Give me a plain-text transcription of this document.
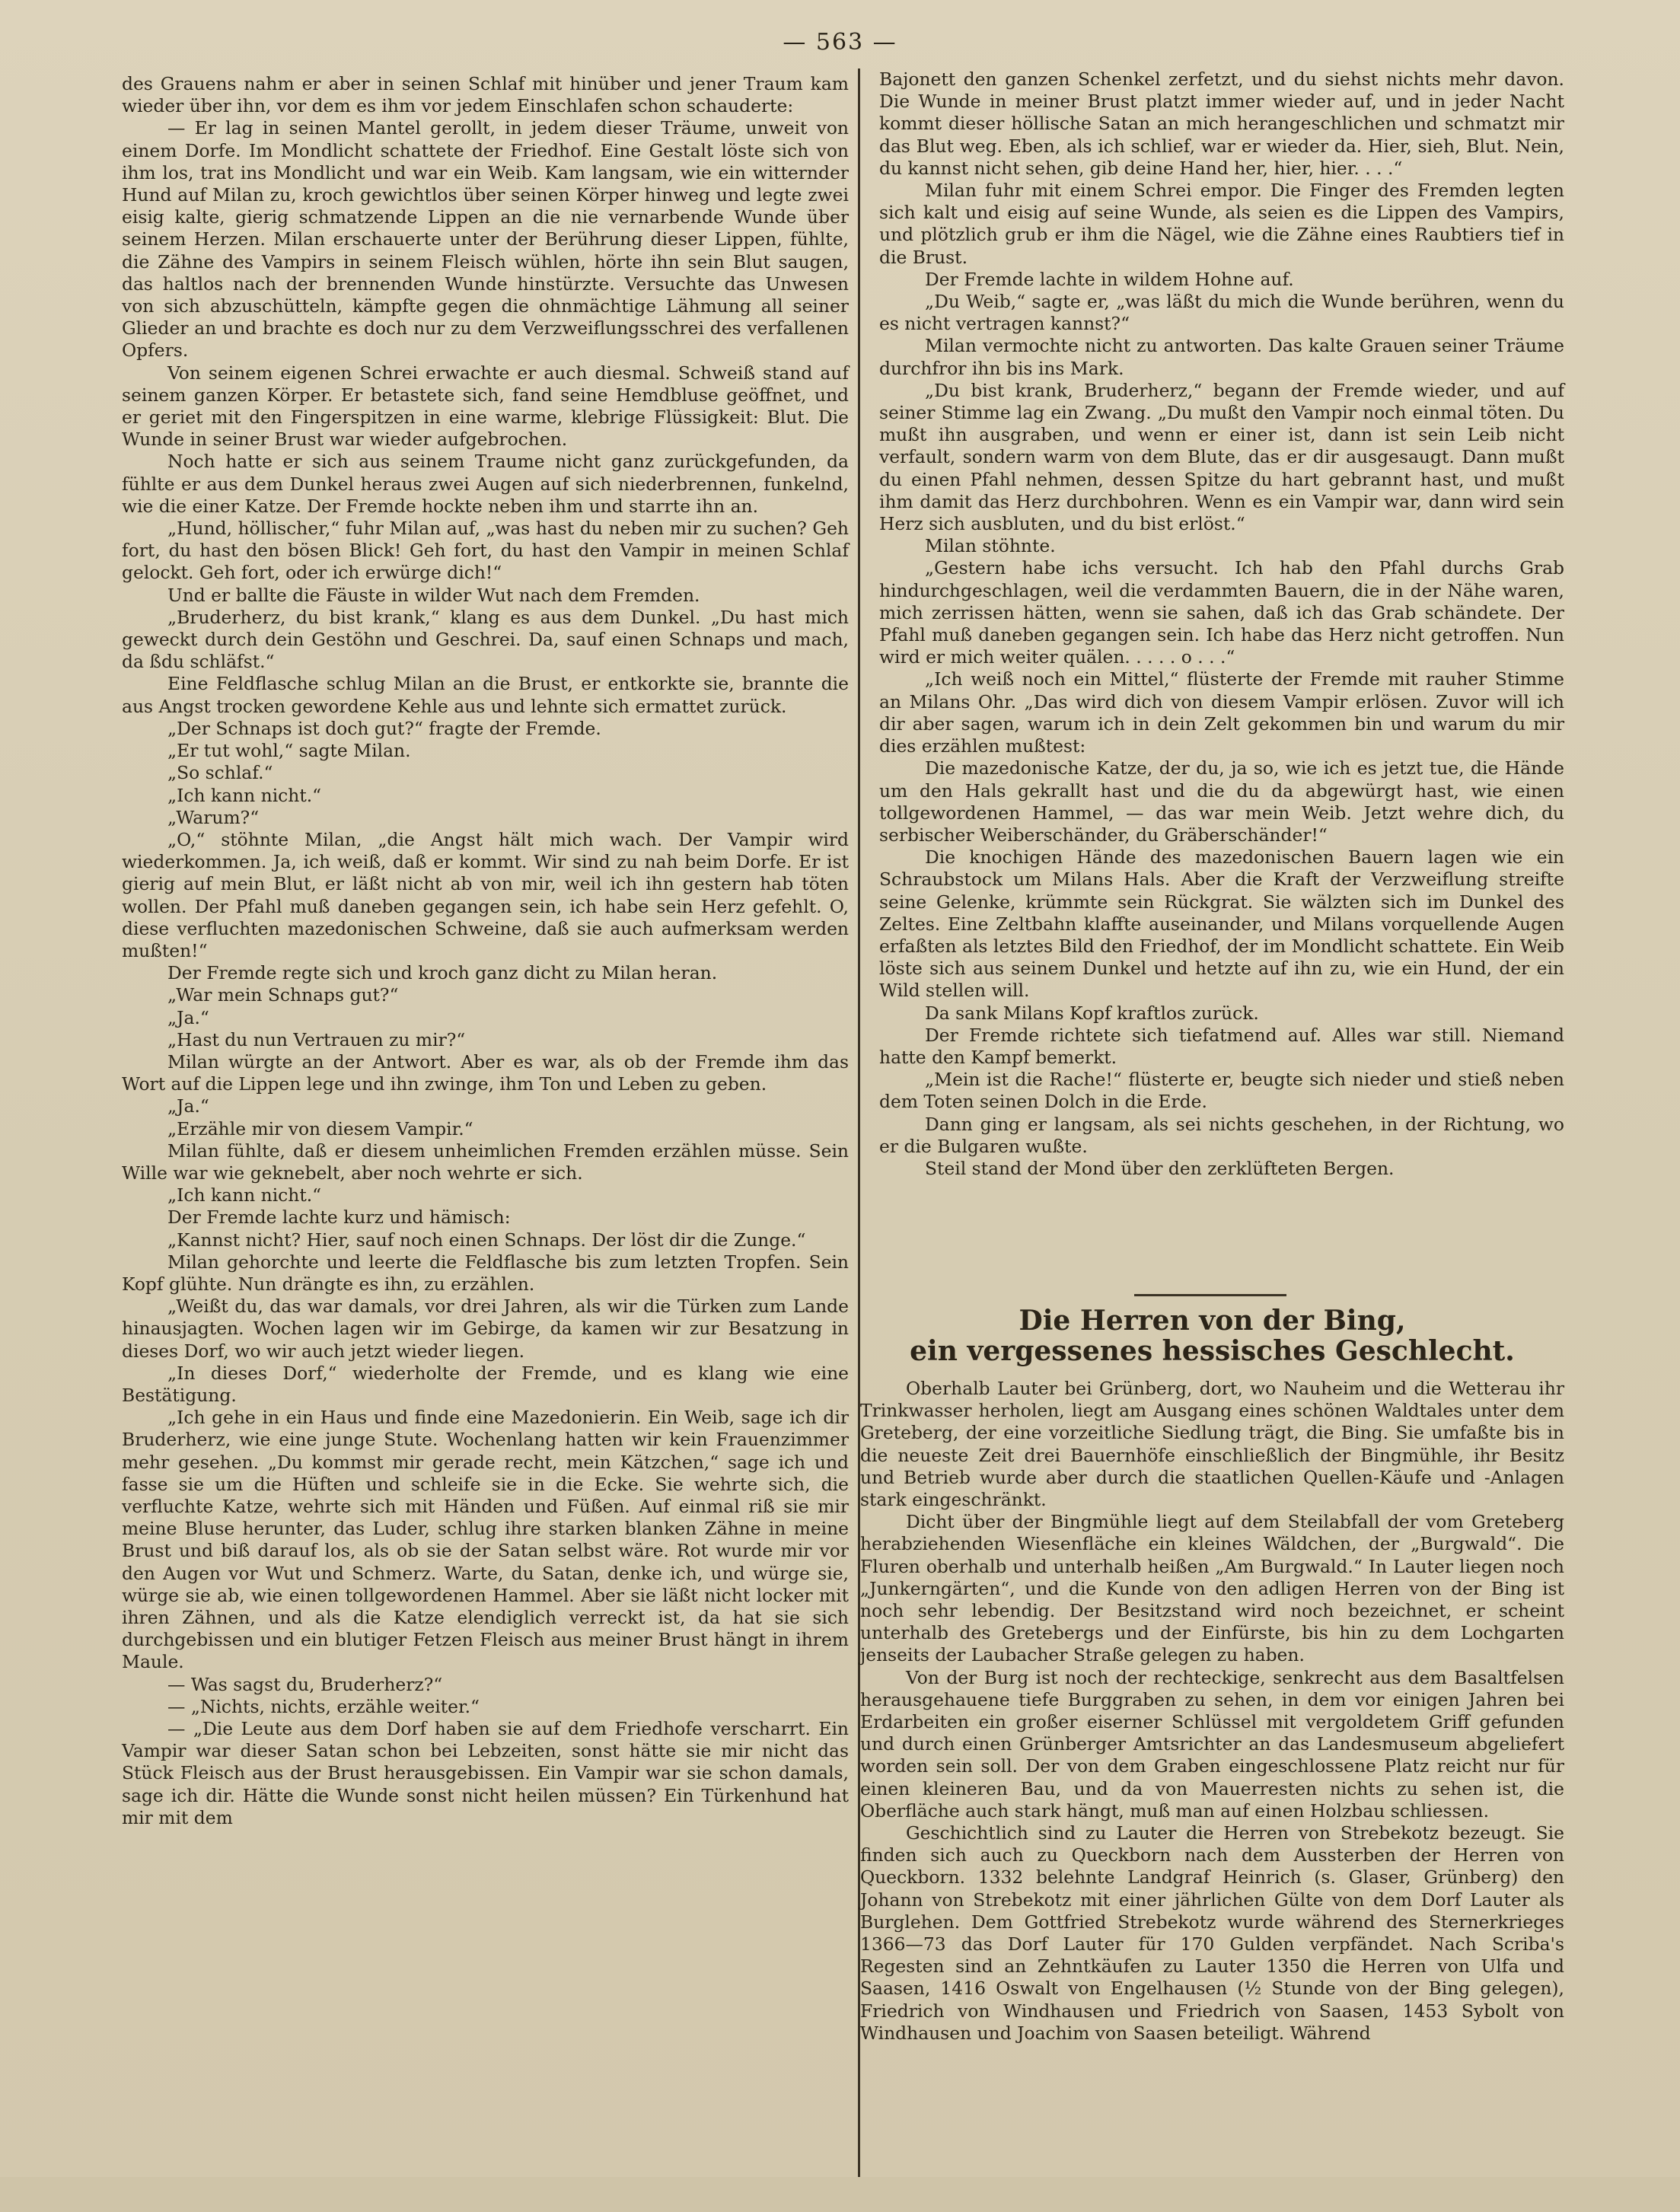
— 563 —

des Grauens nahm er aber in seinen Schlaf mit hinüber und jener Traum kam wieder über ihn, vor dem es ihm vor jedem Einschlafen schon schauderte:

— Er lag in seinen Mantel gerollt, in jedem dieser Träume, unweit von einem Dorfe. Im Mondlicht schattete der Friedhof. Eine Gestalt löste sich von ihm los, trat ins Mondlicht und war ein Weib. Kam langsam, wie ein witternder Hund auf Milan zu, kroch gewichtlos über seinen Körper hinweg und legte zwei eisig kalte, gierig schmatzende Lippen an die nie vernarbende Wunde über seinem Herzen. Milan erschauerte unter der Berührung dieser Lippen, fühlte, die Zähne des Vampirs in seinem Fleisch wühlen, hörte ihn sein Blut saugen, das haltlos nach der brennenden Wunde hinstürzte. Versuchte das Unwesen von sich abzuschütteln, kämpfte gegen die ohnmächtige Lähmung all seiner Glieder an und brachte es doch nur zu dem Verzweiflungsschrei des verfallenen Opfers.

Von seinem eigenen Schrei erwachte er auch diesmal. Schweiß stand auf seinem ganzen Körper. Er betastete sich, fand seine Hemdbluse geöffnet, und er geriet mit den Fingerspitzen in eine warme, klebrige Flüssigkeit: Blut. Die Wunde in seiner Brust war wieder aufgebrochen.

Noch hatte er sich aus seinem Traume nicht ganz zurückgefunden, da fühlte er aus dem Dunkel heraus zwei Augen auf sich niederbrennen, funkelnd, wie die einer Katze. Der Fremde hockte neben ihm und starrte ihn an.

„Hund, höllischer,“ fuhr Milan auf, „was hast du neben mir zu suchen? Geh fort, du hast den bösen Blick! Geh fort, du hast den Vampir in meinen Schlaf gelockt. Geh fort, oder ich erwürge dich!“

Und er ballte die Fäuste in wilder Wut nach dem Fremden.

„Bruderherz, du bist krank,“ klang es aus dem Dunkel. „Du hast mich geweckt durch dein Gestöhn und Geschrei. Da, sauf einen Schnaps und mach, da ßdu schläfst.“

Eine Feldflasche schlug Milan an die Brust, er entkorkte sie, brannte die aus Angst trocken gewordene Kehle aus und lehnte sich ermattet zurück.

„Der Schnaps ist doch gut?“ fragte der Fremde.

„Er tut wohl,“ sagte Milan.

„So schlaf.“

„Ich kann nicht.“

„Warum?“

„O,“ stöhnte Milan, „die Angst hält mich wach. Der Vampir wird wiederkommen. Ja, ich weiß, daß er kommt. Wir sind zu nah beim Dorfe. Er ist gierig auf mein Blut, er läßt nicht ab von mir, weil ich ihn gestern hab töten wollen. Der Pfahl muß daneben gegangen sein, ich habe sein Herz gefehlt. O, diese verfluchten mazedonischen Schweine, daß sie auch aufmerksam werden mußten!“

Der Fremde regte sich und kroch ganz dicht zu Milan heran.

„War mein Schnaps gut?“

„Ja.“

„Hast du nun Vertrauen zu mir?“

Milan würgte an der Antwort. Aber es war, als ob der Fremde ihm das Wort auf die Lippen lege und ihn zwinge, ihm Ton und Leben zu geben.

„Ja.“

„Erzähle mir von diesem Vampir.“

Milan fühlte, daß er diesem unheimlichen Fremden erzählen müsse. Sein Wille war wie geknebelt, aber noch wehrte er sich.

„Ich kann nicht.“

Der Fremde lachte kurz und hämisch:

„Kannst nicht? Hier, sauf noch einen Schnaps. Der löst dir die Zunge.“

Milan gehorchte und leerte die Feldflasche bis zum letzten Tropfen. Sein Kopf glühte. Nun drängte es ihn, zu erzählen.

„Weißt du, das war damals, vor drei Jahren, als wir die Türken zum Lande hinausjagten. Wochen lagen wir im Gebirge, da kamen wir zur Besatzung in dieses Dorf, wo wir auch jetzt wieder liegen.

„In dieses Dorf,“ wiederholte der Fremde, und es klang wie eine Bestätigung.

„Ich gehe in ein Haus und finde eine Mazedonierin. Ein Weib, sage ich dir Bruderherz, wie eine junge Stute. Wochenlang hatten wir kein Frauenzimmer mehr gesehen. „Du kommst mir gerade recht, mein Kätzchen,“ sage ich und fasse sie um die Hüften und schleife sie in die Ecke. Sie wehrte sich, die verfluchte Katze, wehrte sich mit Händen und Füßen. Auf einmal riß sie mir meine Bluse herunter, das Luder, schlug ihre starken blanken Zähne in meine Brust und biß darauf los, als ob sie der Satan selbst wäre. Rot wurde mir vor den Augen vor Wut und Schmerz. Warte, du Satan, denke ich, und würge sie, würge sie ab, wie einen tollgewordenen Hammel. Aber sie läßt nicht locker mit ihren Zähnen, und als die Katze elendiglich verreckt ist, da hat sie sich durchgebissen und ein blutiger Fetzen Fleisch aus meiner Brust hängt in ihrem Maule.

— Was sagst du, Bruderherz?“

— „Nichts, nichts, erzähle weiter.“

— „Die Leute aus dem Dorf haben sie auf dem Friedhofe verscharrt. Ein Vampir war dieser Satan schon bei Lebzeiten, sonst hätte sie mir nicht das Stück Fleisch aus der Brust herausgebissen. Ein Vampir war sie schon damals, sage ich dir. Hätte die Wunde sonst nicht heilen müssen? Ein Türkenhund hat mir mit dem

Bajonett den ganzen Schenkel zerfetzt, und du siehst nichts mehr davon. Die Wunde in meiner Brust platzt immer wieder auf, und in jeder Nacht kommt dieser höllische Satan an mich herangeschlichen und schmatzt mir das Blut weg. Eben, als ich schlief, war er wieder da. Hier, sieh, Blut. Nein, du kannst nicht sehen, gib deine Hand her, hier, hier. . . .“

Milan fuhr mit einem Schrei empor. Die Finger des Fremden legten sich kalt und eisig auf seine Wunde, als seien es die Lippen des Vampirs, und plötzlich grub er ihm die Nägel, wie die Zähne eines Raubtiers tief in die Brust.

Der Fremde lachte in wildem Hohne auf.

„Du Weib,“ sagte er, „was läßt du mich die Wunde berühren, wenn du es nicht vertragen kannst?“

Milan vermochte nicht zu antworten. Das kalte Grauen seiner Träume durchfror ihn bis ins Mark.

„Du bist krank, Bruderherz,“ begann der Fremde wieder, und auf seiner Stimme lag ein Zwang. „Du mußt den Vampir noch einmal töten. Du mußt ihn ausgraben, und wenn er einer ist, dann ist sein Leib nicht verfault, sondern warm von dem Blute, das er dir ausgesaugt. Dann mußt du einen Pfahl nehmen, dessen Spitze du hart gebrannt hast, und mußt ihm damit das Herz durchbohren. Wenn es ein Vampir war, dann wird sein Herz sich ausbluten, und du bist erlöst.“

Milan stöhnte.

„Gestern habe ichs versucht. Ich hab den Pfahl durchs Grab hindurchgeschlagen, weil die verdammten Bauern, die in der Nähe waren, mich zerrissen hätten, wenn sie sahen, daß ich das Grab schändete. Der Pfahl muß daneben gegangen sein. Ich habe das Herz nicht getroffen. Nun wird er mich weiter quälen. . . . . o . . .“

„Ich weiß noch ein Mittel,“ flüsterte der Fremde mit rauher Stimme an Milans Ohr. „Das wird dich von diesem Vampir erlösen. Zuvor will ich dir aber sagen, warum ich in dein Zelt gekommen bin und warum du mir dies erzählen mußtest:

Die mazedonische Katze, der du, ja so, wie ich es jetzt tue, die Hände um den Hals gekrallt hast und die du da abgewürgt hast, wie einen tollgewordenen Hammel, — das war mein Weib. Jetzt wehre dich, du serbischer Weiberschänder, du Gräberschänder!“

Die knochigen Hände des mazedonischen Bauern lagen wie ein Schraubstock um Milans Hals. Aber die Kraft der Verzweiflung streifte seine Gelenke, krümmte sein Rückgrat. Sie wälzten sich im Dunkel des Zeltes. Eine Zeltbahn klaffte auseinander, und Milans vorquellende Augen erfaßten als letztes Bild den Friedhof, der im Mondlicht schattete. Ein Weib löste sich aus seinem Dunkel und hetzte auf ihn zu, wie ein Hund, der ein Wild stellen will.

Da sank Milans Kopf kraftlos zurück.

Der Fremde richtete sich tiefatmend auf. Alles war still. Niemand hatte den Kampf bemerkt.

„Mein ist die Rache!“ flüsterte er, beugte sich nieder und stieß neben dem Toten seinen Dolch in die Erde.

Dann ging er langsam, als sei nichts geschehen, in der Richtung, wo er die Bulgaren wußte.

Steil stand der Mond über den zerklüfteten Bergen.

Die Herren von der Bing,
ein vergessenes hessisches Geschlecht.

Oberhalb Lauter bei Grünberg, dort, wo Nauheim und die Wetterau ihr Trinkwasser herholen, liegt am Ausgang eines schönen Waldtales unter dem Greteberg, der eine vorzeitliche Siedlung trägt, die Bing. Sie umfaßte bis in die neueste Zeit drei Bauernhöfe einschließlich der Bingmühle, ihr Besitz und Betrieb wurde aber durch die staatlichen Quellen-Käufe und -Anlagen stark eingeschränkt.

Dicht über der Bingmühle liegt auf dem Steilabfall der vom Greteberg herabziehenden Wiesenfläche ein kleines Wäldchen, der „Burgwald“. Die Fluren oberhalb und unterhalb heißen „Am Burgwald.“ In Lauter liegen noch „Junkerngärten“, und die Kunde von den adligen Herren von der Bing ist noch sehr lebendig. Der Besitzstand wird noch bezeichnet, er scheint unterhalb des Gretebergs und der Einfürste, bis hin zu dem Lochgarten jenseits der Laubacher Straße gelegen zu haben.

Von der Burg ist noch der rechteckige, senkrecht aus dem Basaltfelsen herausgehauene tiefe Burggraben zu sehen, in dem vor einigen Jahren bei Erdarbeiten ein großer eiserner Schlüssel mit vergoldetem Griff gefunden und durch einen Grünberger Amtsrichter an das Landesmuseum abgeliefert worden sein soll. Der von dem Graben eingeschlossene Platz reicht nur für einen kleineren Bau, und da von Mauerresten nichts zu sehen ist, die Oberfläche auch stark hängt, muß man auf einen Holzbau schliessen.

Geschichtlich sind zu Lauter die Herren von Strebekotz bezeugt. Sie finden sich auch zu Queckborn nach dem Aussterben der Herren von Queckborn. 1332 belehnte Landgraf Heinrich (s. Glaser, Grünberg) den Johann von Strebekotz mit einer jährlichen Gülte von dem Dorf Lauter als Burglehen. Dem Gottfried Strebekotz wurde während des Sternerkrieges 1366—73 das Dorf Lauter für 170 Gulden verpfändet. Nach Scriba's Regesten sind an Zehntkäufen zu Lauter 1350 die Herren von Ulfa und Saasen, 1416 Oswalt von Engelhausen (½ Stunde von der Bing gelegen), Friedrich von Windhausen und Friedrich von Saasen, 1453 Sybolt von Windhausen und Joachim von Saasen beteiligt. Während
